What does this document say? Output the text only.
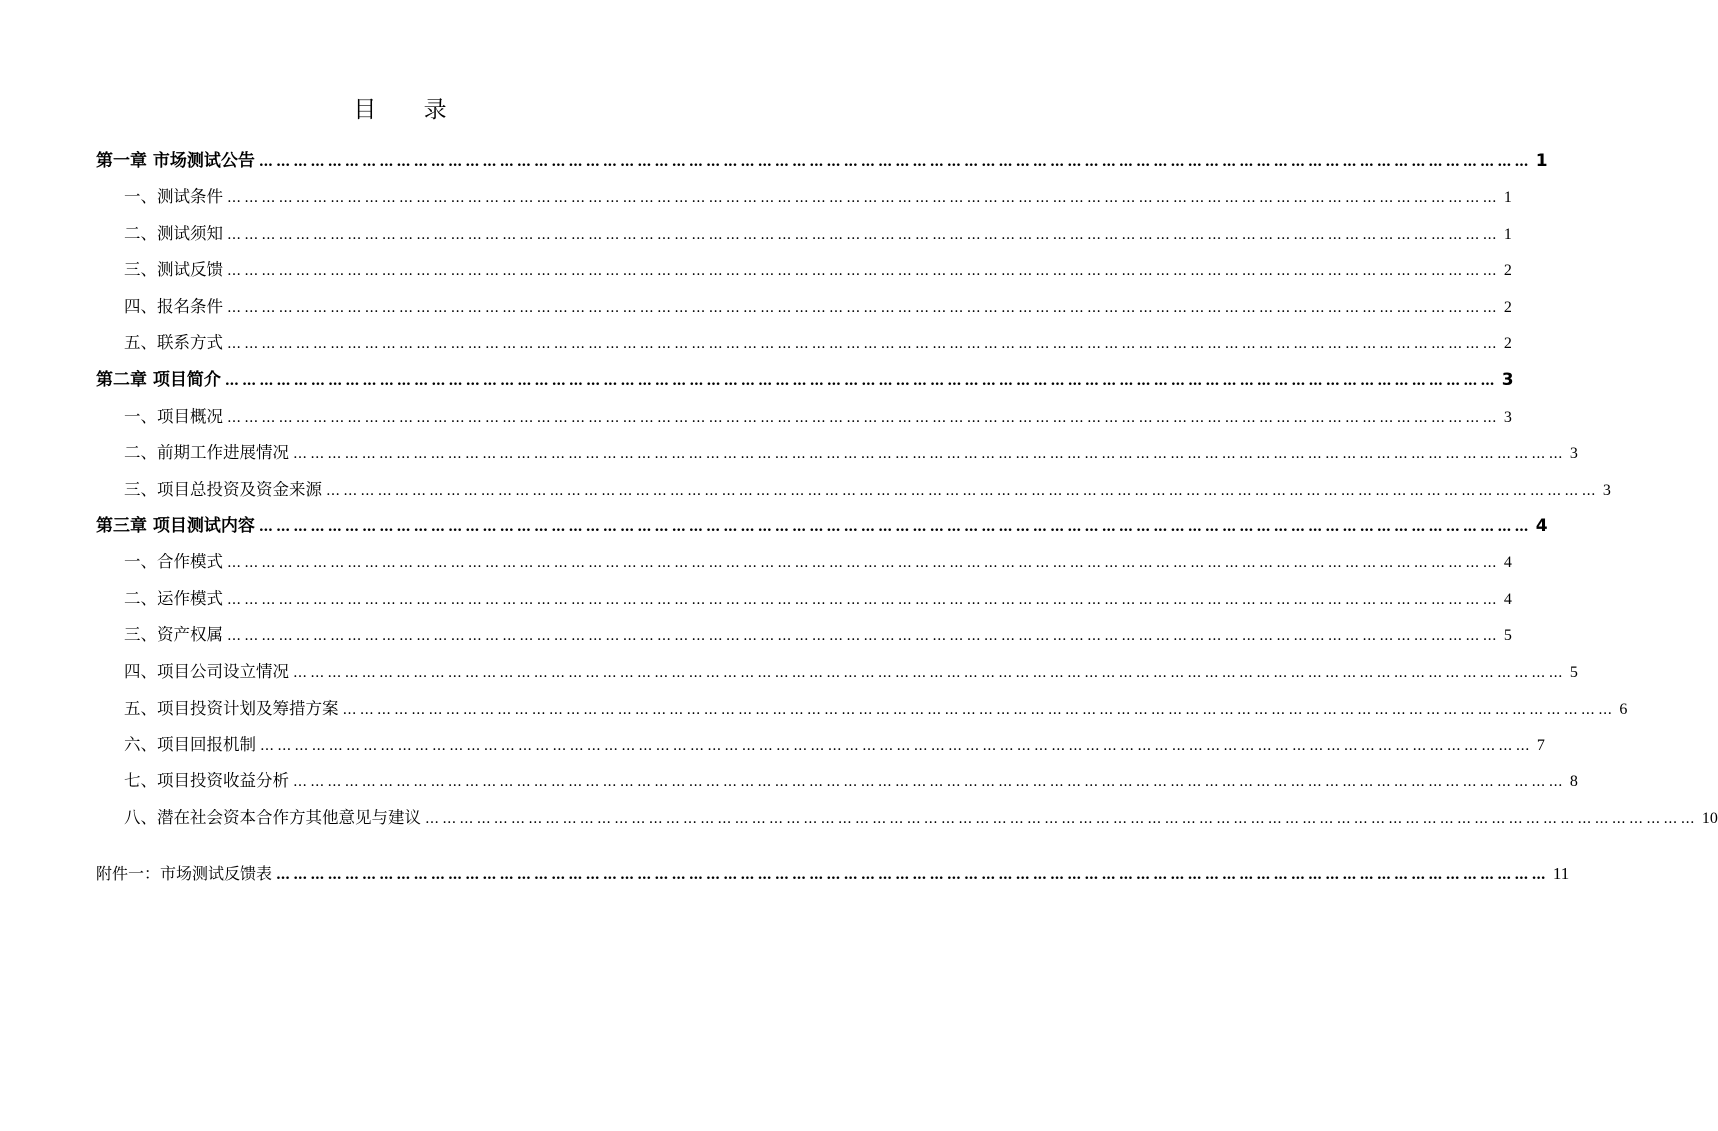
目 录
第一章 市场测试公告 …………………………………………………………………………………………………………………………………………………………………………………………………… 1
一、测试条件 …………………………………………………………………………………………………………………………………………………………………………………………………… 1
二、测试须知 …………………………………………………………………………………………………………………………………………………………………………………………………… 1
三、测试反馈 …………………………………………………………………………………………………………………………………………………………………………………………………… 2
四、报名条件 …………………………………………………………………………………………………………………………………………………………………………………………………… 2
五、联系方式 …………………………………………………………………………………………………………………………………………………………………………………………………… 2
第二章 项目简介 …………………………………………………………………………………………………………………………………………………………………………………………………… 3
一、项目概况 …………………………………………………………………………………………………………………………………………………………………………………………………… 3
二、前期工作进展情况 …………………………………………………………………………………………………………………………………………………………………………………………………… 3
三、项目总投资及资金来源 …………………………………………………………………………………………………………………………………………………………………………………………………… 3
第三章 项目测试内容 …………………………………………………………………………………………………………………………………………………………………………………………………… 4
一、合作模式 …………………………………………………………………………………………………………………………………………………………………………………………………… 4
二、运作模式 …………………………………………………………………………………………………………………………………………………………………………………………………… 4
三、资产权属 …………………………………………………………………………………………………………………………………………………………………………………………………… 5
四、项目公司设立情况 …………………………………………………………………………………………………………………………………………………………………………………………………… 5
五、项目投资计划及筹措方案 …………………………………………………………………………………………………………………………………………………………………………………………………… 6
六、项目回报机制 …………………………………………………………………………………………………………………………………………………………………………………………………… 7
七、项目投资收益分析 …………………………………………………………………………………………………………………………………………………………………………………………………… 8
八、潜在社会资本合作方其他意见与建议 …………………………………………………………………………………………………………………………………………………………………………………………………… 10
附件一：市场测试反馈表 …………………………………………………………………………………………………………………………………………………………………………………………………… 11
